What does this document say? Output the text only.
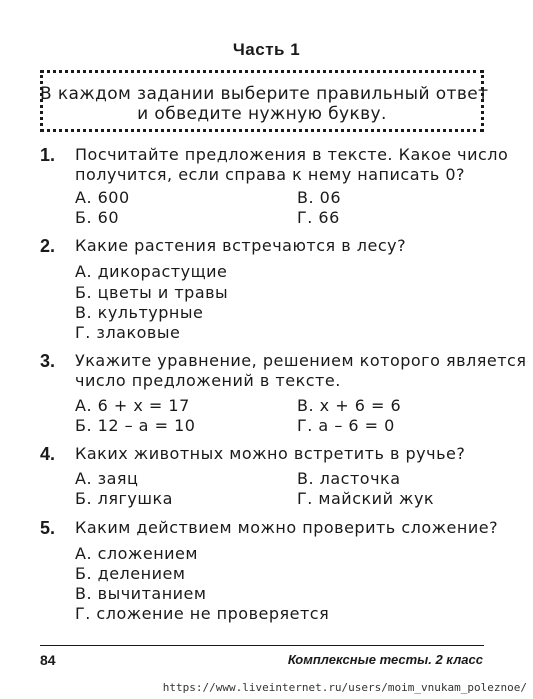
Часть 1
В каждом задании выберите правильный ответ
и обведите нужную букву.
1. Посчитайте предложения в тексте. Какое число
получится, если справа к нему написать 0?
А. 600	В. 06
Б. 60	Г. 66
2. Какие растения встречаются в лесу?
А. дикорастущие
Б. цветы и травы
В. культурные
Г. злаковые
3. Укажите уравнение, решением которого является
число предложений в тексте.
А. 6 + x = 17	В. x + 6 = 6
Б. 12 – a = 10	Г. a – 6 = 0
4. Каких животных можно встретить в ручье?
А. заяц	В. ласточка
Б. лягушка	Г. майский жук
5. Каким действием можно проверить сложение?
А. сложением
Б. делением
В. вычитанием
Г. сложение не проверяется
84	Комплексные тесты. 2 класс
https://www.liveinternet.ru/users/moim_vnukam_poleznoe/
